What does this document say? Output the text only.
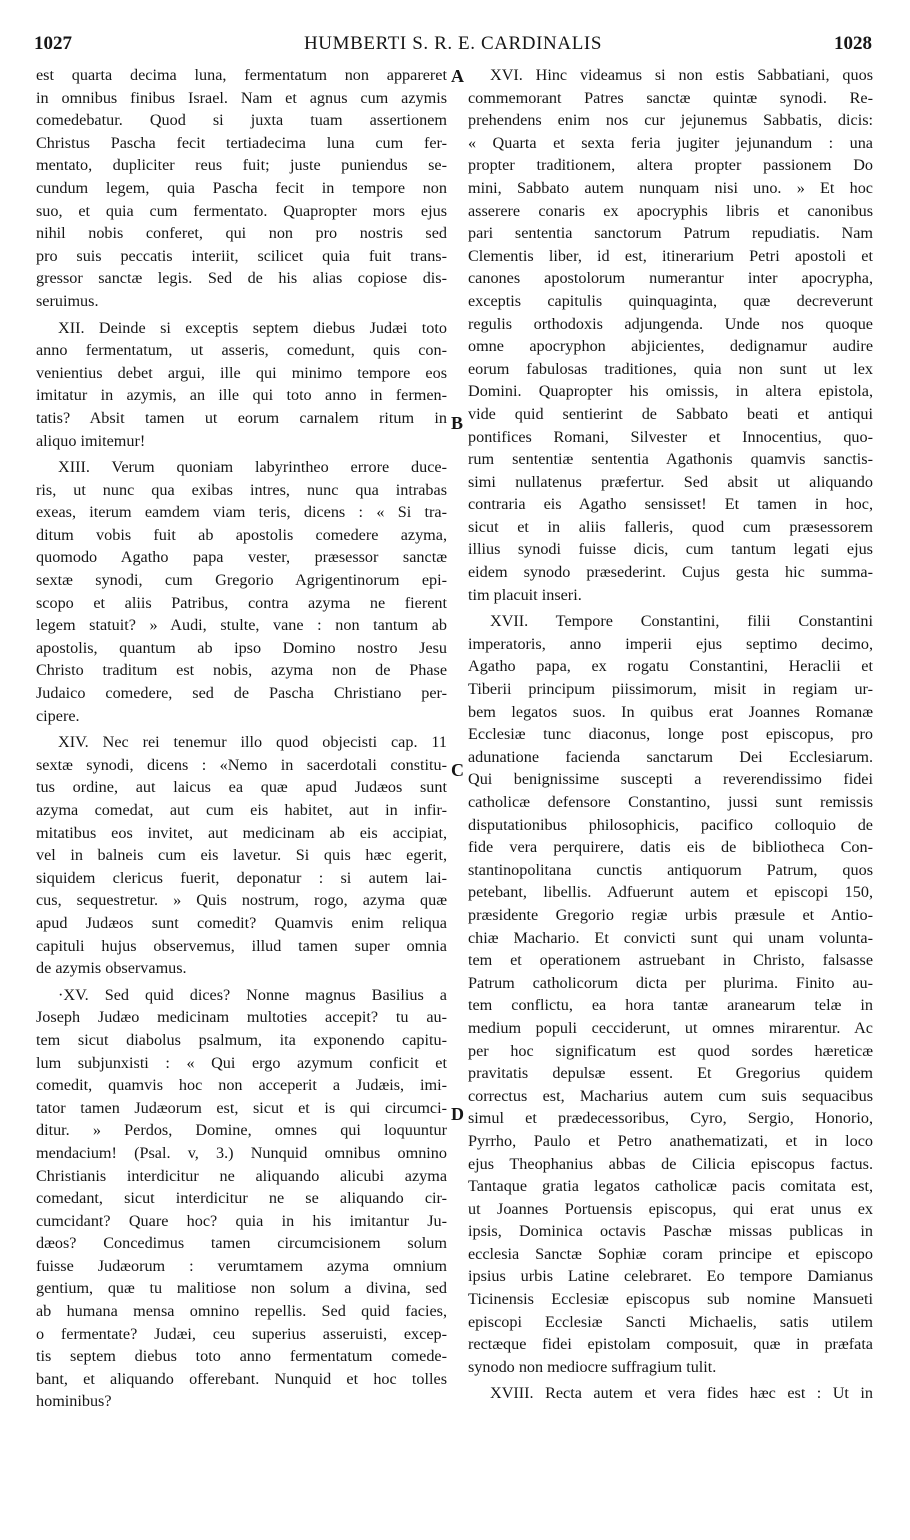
1027	HUMBERTI S. R. E. CARDINALIS	1028
est quarta decima luna, fermentatum non appareret
in omnibus finibus Israel. Nam et agnus cum azymis
comedebatur. Quod si juxta tuam assertionem
Christus Pascha fecit tertiadecima luna cum fer-
mentato, dupliciter reus fuit; juste puniendus se-
cundum legem, quia Pascha fecit in tempore non
suo, et quia cum fermentato. Quapropter mors ejus
nihil nobis conferet, qui non pro nostris sed
pro suis peccatis interiit, scilicet quia fuit trans-
gressor sanctæ legis. Sed de his alias copiose dis-
seruimus.
XII. Deinde si exceptis septem diebus Judæi toto
anno fermentatum, ut asseris, comedunt, quis con-
venientius debet argui, ille qui minimo tempore eos
imitatur in azymis, an ille qui toto anno in fermen-
tatis? Absit tamen ut eorum carnalem ritum in
aliquo imitemur!
XIII. Verum quoniam labyrintheo errore duce-
ris, ut nunc qua exibas intres, nunc qua intrabas
exeas, iterum eamdem viam teris, dicens : « Si tra-
ditum vobis fuit ab apostolis comedere azyma,
quomodo Agatho papa vester, præsessor sanctæ
sextæ synodi, cum Gregorio Agrigentinorum epi-
scopo et aliis Patribus, contra azyma ne fierent
legem statuit? » Audi, stulte, vane : non tantum ab
apostolis, quantum ab ipso Domino nostro Jesu
Christo traditum est nobis, azyma non de Phase
Judaico comedere, sed de Pascha Christiano per-
cipere.
XIV. Nec rei tenemur illo quod objecisti cap. 11
sextæ synodi, dicens : «Nemo in sacerdotali constitu-
tus ordine, aut laicus ea quæ apud Judæos sunt
azyma comedat, aut cum eis habitet, aut in infir-
mitatibus eos invitet, aut medicinam ab eis accipiat,
vel in balneis cum eis lavetur. Si quis hæc egerit,
siquidem clericus fuerit, deponatur : si autem lai-
cus, sequestretur. » Quis nostrum, rogo, azyma quæ
apud Judæos sunt comedit? Quamvis enim reliqua
capituli hujus observemus, illud tamen super omnia
de azymis observamus.
·XV. Sed quid dices? Nonne magnus Basilius a
Joseph Judæo medicinam multoties accepit? tu au-
tem sicut diabolus psalmum, ita exponendo capitu-
lum subjunxisti : « Qui ergo azymum conficit et
comedit, quamvis hoc non acceperit a Judæis, imi-
tator tamen Judæorum est, sicut et is qui circumci-
ditur. » Perdos, Domine, omnes qui loquuntur
mendacium! (Psal. v, 3.) Nunquid omnibus omnino
Christianis interdicitur ne aliquando alicubi azyma
comedant, sicut interdicitur ne se aliquando cir-
cumcidant? Quare hoc? quia in his imitantur Ju-
dæos? Concedimus tamen circumcisionem solum
fuisse Judæorum : verumtamem azyma omnium
gentium, quæ tu malitiose non solum a divina, sed
ab humana mensa omnino repellis. Sed quid facies,
o fermentate? Judæi, ceu superius asseruisti, excep-
tis septem diebus toto anno fermentatum comede-
bant, et aliquando offerebant. Nunquid et hoc tolles
hominibus?
XVI. Hinc videamus si non estis Sabbatiani, quos
commemorant Patres sanctæ quintæ synodi. Re-
prehendens enim nos cur jejunemus Sabbatis, dicis:
« Quarta et sexta feria jugiter jejunandum : una
propter traditionem, altera propter passionem Do
mini, Sabbato autem nunquam nisi uno. » Et hoc
asserere conaris ex apocryphis libris et canonibus
pari sententia sanctorum Patrum repudiatis. Nam
Clementis liber, id est, itinerarium Petri apostoli et
canones apostolorum numerantur inter apocrypha,
exceptis capitulis quinquaginta, quæ decreverunt
regulis orthodoxis adjungenda. Unde nos quoque
omne apocryphon abjicientes, dedignamur audire
eorum fabulosas traditiones, quia non sunt ut lex
Domini. Quapropter his omissis, in altera epistola,
vide quid sentierint de Sabbato beati et antiqui
pontifices Romani, Silvester et Innocentius, quo-
rum sententiæ sententia Agathonis quamvis sanctis-
simi nullatenus præfertur. Sed absit ut aliquando
contraria eis Agatho sensisset! Et tamen in hoc,
sicut et in aliis falleris, quod cum præsessorem
illius synodi fuisse dicis, cum tantum legati ejus
eidem synodo præsederint. Cujus gesta hic summa-
tim placuit inseri.
XVII. Tempore Constantini, filii Constantini
imperatoris, anno imperii ejus septimo decimo,
Agatho papa, ex rogatu Constantini, Heraclii et
Tiberii principum piissimorum, misit in regiam ur-
bem legatos suos. In quibus erat Joannes Romanæ
Ecclesiæ tunc diaconus, longe post episcopus, pro
adunatione facienda sanctarum Dei Ecclesiarum.
Qui benignissime suscepti a reverendissimo fidei
catholicæ defensore Constantino, jussi sunt remissis
disputationibus philosophicis, pacifico colloquio de
fide vera perquirere, datis eis de bibliotheca Con-
stantinopolitana cunctis antiquorum Patrum, quos
petebant, libellis. Adfuerunt autem et episcopi 150,
præsidente Gregorio regiæ urbis præsule et Antio-
chiæ Machario. Et convicti sunt qui unam volunta-
tem et operationem astruebant in Christo, falsasse
Patrum catholicorum dicta per plurima. Finito au-
tem conflictu, ea hora tantæ aranearum telæ in
medium populi cecciderunt, ut omnes mirarentur. Ac
per hoc significatum est quod sordes hæreticæ
pravitatis depulsæ essent. Et Gregorius quidem
correctus est, Macharius autem cum suis sequacibus
simul et prædecessoribus, Cyro, Sergio, Honorio,
Pyrrho, Paulo et Petro anathematizati, et in loco
ejus Theophanius abbas de Cilicia episcopus factus.
Tantaque gratia legatos catholicæ pacis comitata est,
ut Joannes Portuensis episcopus, qui erat unus ex
ipsis, Dominica octavis Paschæ missas publicas in
ecclesia Sanctæ Sophiæ coram principe et episcopo
ipsius urbis Latine celebraret. Eo tempore Damianus
Ticinensis Ecclesiæ episcopus sub nomine Mansueti
episcopi Ecclesiæ Sancti Michaelis, satis utilem
rectæque fidei epistolam composuit, quæ in præfata
synodo non mediocre suffragium tulit.
XVIII. Recta autem et vera fides hæc est : Ut in
A
B
C
D
